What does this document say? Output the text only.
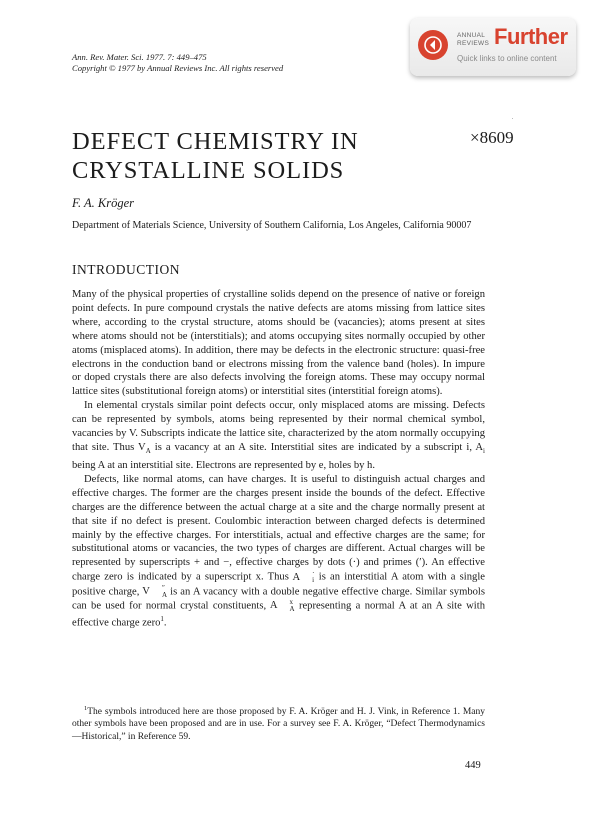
Ann. Rev. Mater. Sci. 1977. 7: 449–475
Copyright © 1977 by Annual Reviews Inc. All rights reserved
ANNUAL
REVIEWS Further
Quick links to online content
DEFECT CHEMISTRY IN
CRYSTALLINE SOLIDS
×8609
F. A. Kröger
Department of Materials Science, University of Southern California, Los Angeles, California 90007
INTRODUCTION

Many of the physical properties of crystalline solids depend on the presence of native or foreign point defects. In pure compound crystals the native defects are atoms missing from lattice sites where, according to the crystal structure, atoms should be (vacancies); atoms present at sites where atoms should not be (interstitials); and atoms occupying sites normally occupied by other atoms (misplaced atoms). In addition, there may be defects in the electronic structure: quasi-free electrons in the conduction band or electrons missing from the valence band (holes). In impure or doped crystals there are also defects involving the foreign atoms. These may occupy normal lattice sites (substitutional foreign atoms) or interstitial sites (interstitial foreign atoms).

In elemental crystals similar point defects occur, only misplaced atoms are missing. Defects can be represented by symbols, atoms being represented by their normal chemical symbol, vacancies by V. Subscripts indicate the lattice site, characterized by the atom normally occupying that site. Thus $V_A$ is a vacancy at an A site. Interstitial sites are indicated by a subscript i, $A_i$ being A at an interstitial site. Electrons are represented by e, holes by h.

Defects, like normal atoms, can have charges. It is useful to distinguish actual charges and effective charges. The former are the charges present inside the bounds of the defect. Effective charges are the difference between the actual charge at a site and the charge normally present at that site if no defect is present. Coulombic interaction between charged defects is determined mainly by the effective charges. For interstitials, actual and effective charges are the same; for substitutional atoms or vacancies, the two types of charges are different. Actual charges will be represented by superscripts + and −, effective charges by dots (·) and primes (′). An effective charge zero is indicated by a superscript x. Thus A	·
i is an interstitial A atom with a single positive charge, V	″
A is an A vacancy with a double negative effective charge. Similar symbols can be used for normal crystal constituents, A	x
A representing a normal A at an A site with effective charge zero$^1$.

$^1$The symbols introduced here are those proposed by F. A. Kröger and H. J. Vink, in Reference 1. Many other symbols have been proposed and are in use. For a survey see F. A. Kröger, “Defect Thermodynamics—Historical,” in Reference 59.

449
